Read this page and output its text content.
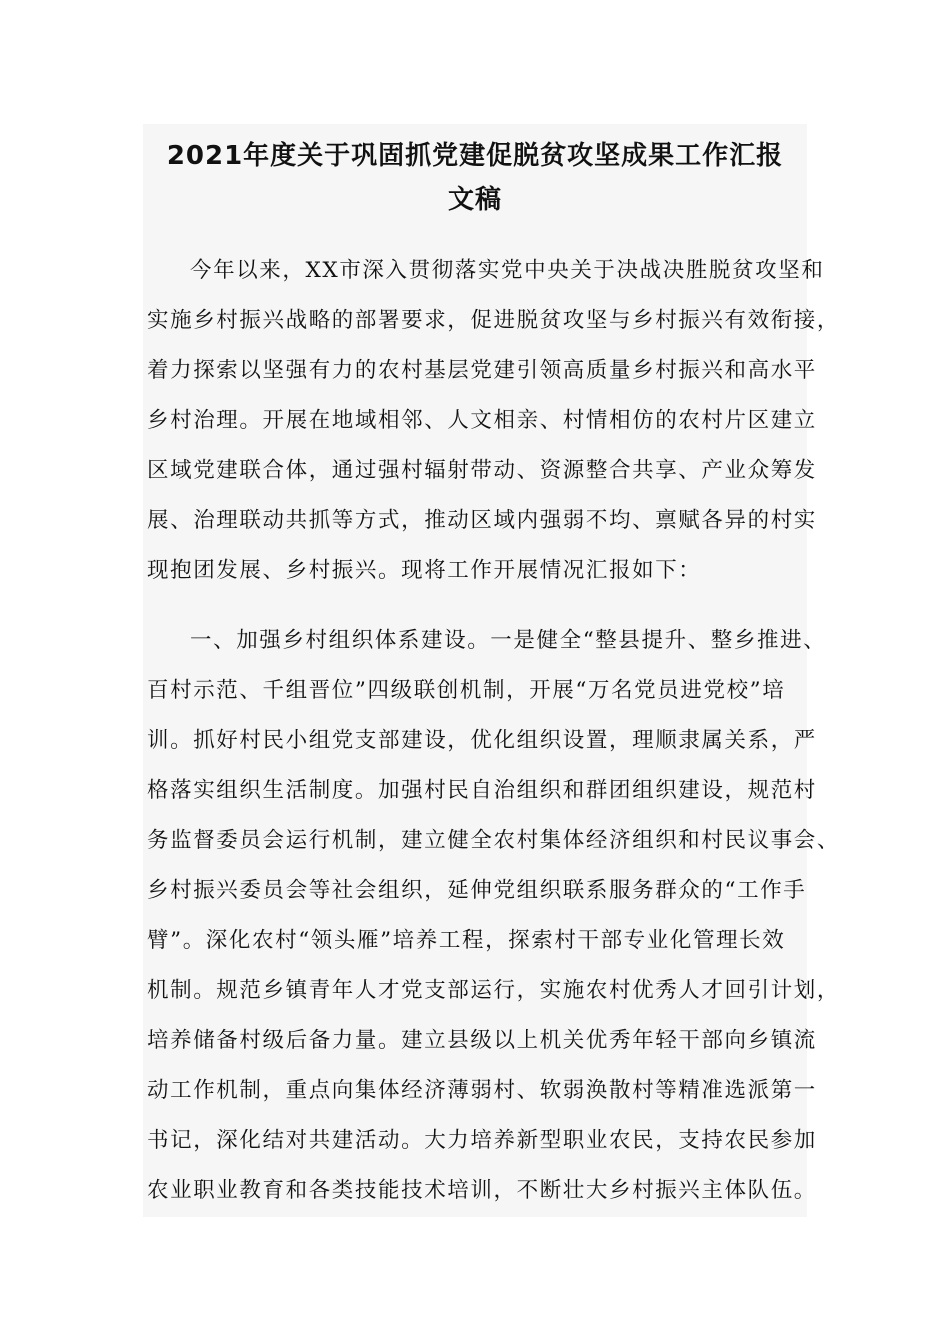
2021年度关于巩固抓党建促脱贫攻坚成果工作汇报
文稿
今年以来，XX市深入贯彻落实党中央关于决战决胜脱贫攻坚和
实施乡村振兴战略的部署要求，促进脱贫攻坚与乡村振兴有效衔接，
着力探索以坚强有力的农村基层党建引领高质量乡村振兴和高水平
乡村治理。开展在地域相邻、人文相亲、村情相仿的农村片区建立
区域党建联合体，通过强村辐射带动、资源整合共享、产业众筹发
展、治理联动共抓等方式，推动区域内强弱不均、禀赋各异的村实
现抱团发展、乡村振兴。现将工作开展情况汇报如下：
一、加强乡村组织体系建设。一是健全“整县提升、整乡推进、
百村示范、千组晋位”四级联创机制，开展“万名党员进党校”培
训。抓好村民小组党支部建设，优化组织设置，理顺隶属关系，严
格落实组织生活制度。加强村民自治组织和群团组织建设，规范村
务监督委员会运行机制，建立健全农村集体经济组织和村民议事会、
乡村振兴委员会等社会组织，延伸党组织联系服务群众的“工作手
臂”。深化农村“领头雁”培养工程，探索村干部专业化管理长效
机制。规范乡镇青年人才党支部运行，实施农村优秀人才回引计划，
培养储备村级后备力量。建立县级以上机关优秀年轻干部向乡镇流
动工作机制，重点向集体经济薄弱村、软弱涣散村等精准选派第一
书记，深化结对共建活动。大力培养新型职业农民，支持农民参加
农业职业教育和各类技能技术培训，不断壮大乡村振兴主体队伍。
